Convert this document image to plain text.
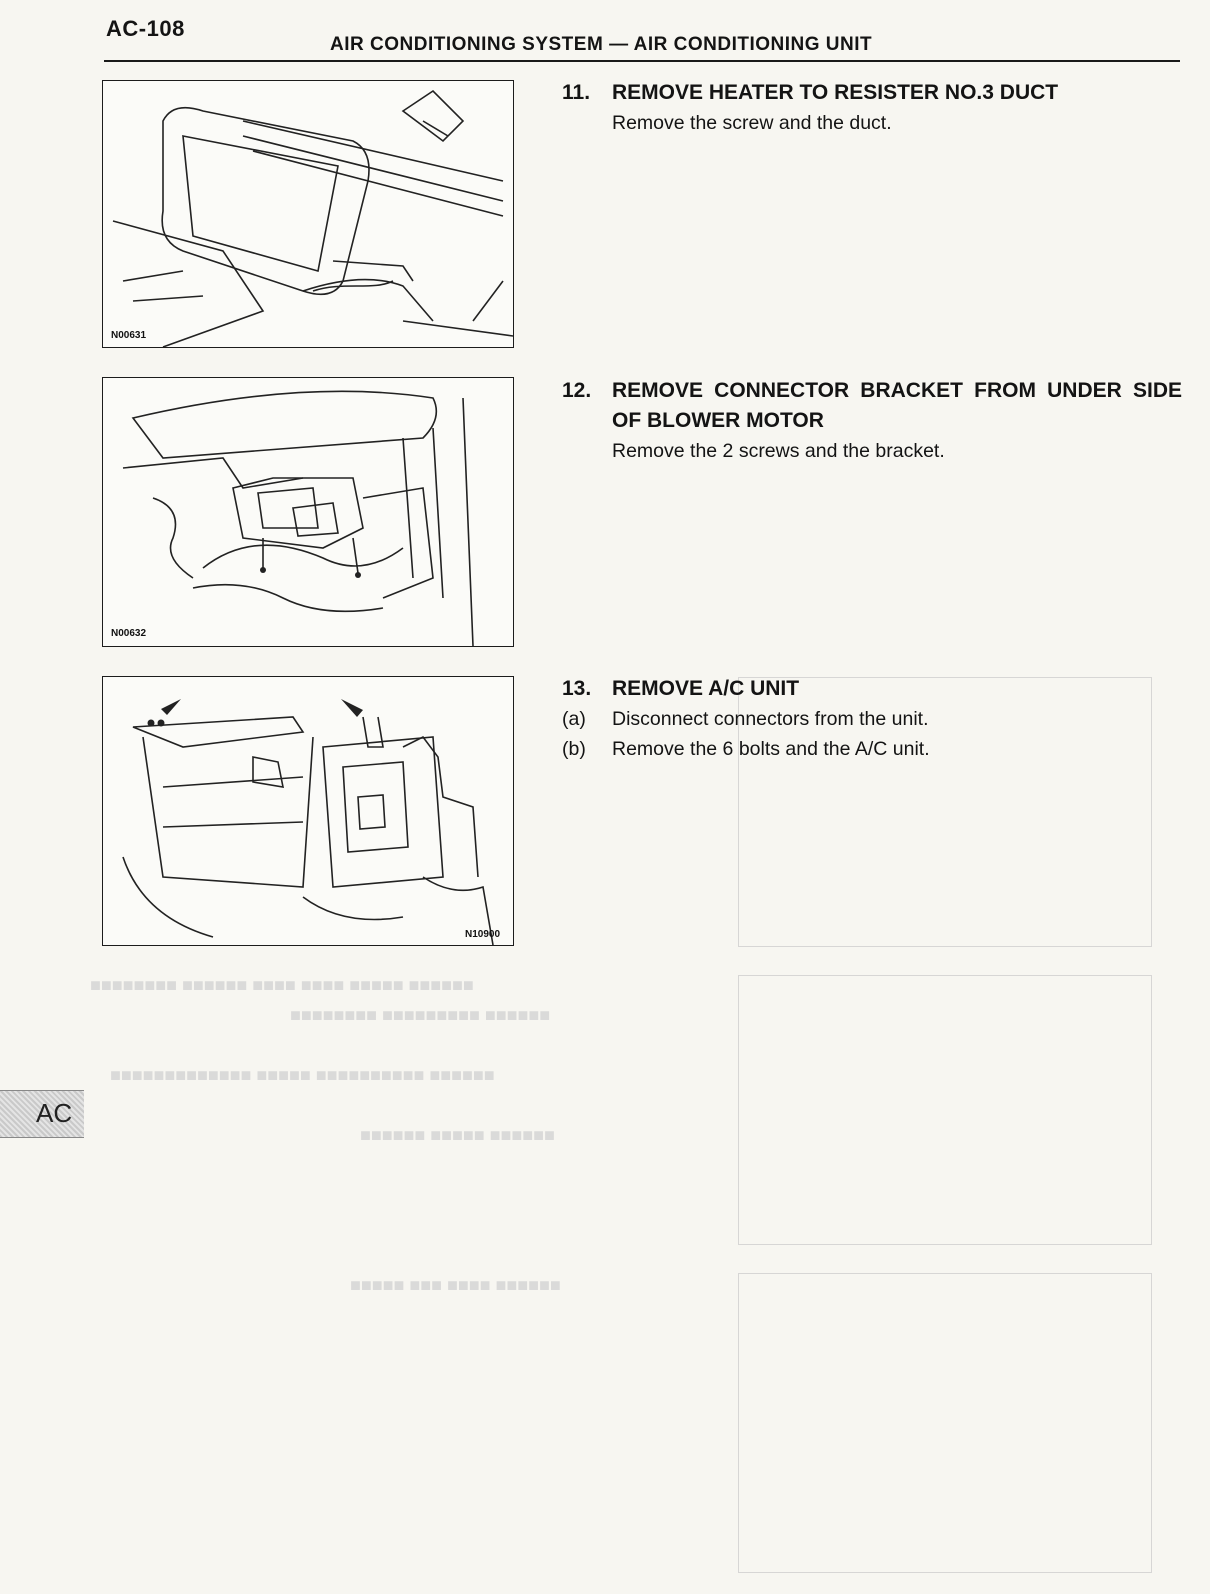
AC-108
AIR CONDITIONING SYSTEM — AIR CONDITIONING UNIT
■■■■■■ ■■■■■ ■■■■ ■■■■ ■■■■■■ ■■■■■■■■
■■■■■■ ■■■■■■■■■ ■■■■■■■■
■■■■■■ ■■■■■■■■■■ ■■■■■ ■■■■■■■■■■■■■
■■■■■■ ■■■■■ ■■■■■■
■■■■■■ ■■■■ ■■■ ■■■■■
N00631
N00632
N10900
11.	REMOVE HEATER TO RESISTER NO.3 DUCT
Remove the screw and the duct.
12. REMOVE CONNECTOR BRACKET FROM UNDER SIDE OF BLOWER MOTOR
Remove the 2 screws and the bracket.
13. REMOVE A/C UNIT
(a)	Disconnect connectors from the unit.
(b)	Remove the 6 bolts and the A/C unit.
AC
